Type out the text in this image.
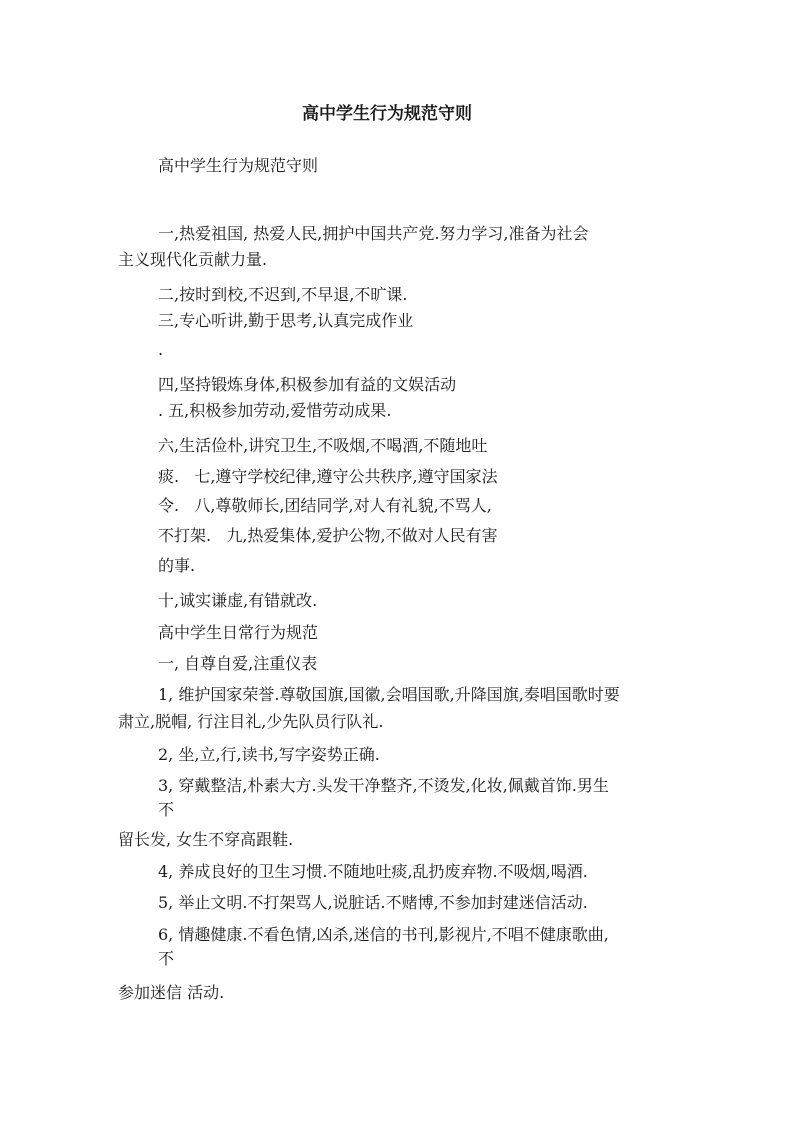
高中学生行为规范守则
高中学生行为规范守则
一,热爱祖国, 热爱人民,拥护中国共产党.努力学习,准备为社会
主义现代化贡献力量.
二,按时到校,不迟到,不早退,不旷课.
三,专心听讲,勤于思考,认真完成作业
.
四,坚持锻炼身体,积极参加有益的文娱活动
. 五,积极参加劳动,爱惜劳动成果.
六,生活俭朴,讲究卫生,不吸烟,不喝酒,不随地吐
痰.   七,遵守学校纪律,遵守公共秩序,遵守国家法
令.   八,尊敬师长,团结同学,对人有礼貌,不骂人,
不打架.   九,热爱集体,爱护公物,不做对人民有害
的事.
十,诚实谦虚,有错就改.
高中学生日常行为规范
一, 自尊自爱,注重仪表
1, 维护国家荣誉.尊敬国旗,国徽,会唱国歌,升降国旗,奏唱国歌时要
肃立,脱帽, 行注目礼,少先队员行队礼.
2, 坐,立,行,读书,写字姿势正确.
3, 穿戴整洁,朴素大方.头发干净整齐,不烫发,化妆,佩戴首饰.男生
不
留长发, 女生不穿高跟鞋.
4, 养成良好的卫生习惯.不随地吐痰,乱扔废弃物.不吸烟,喝酒.
5, 举止文明.不打架骂人,说脏话.不赌博,不参加封建迷信活动.
6, 情趣健康.不看色情,凶杀,迷信的书刊,影视片,不唱不健康歌曲,
不
参加迷信 活动.
